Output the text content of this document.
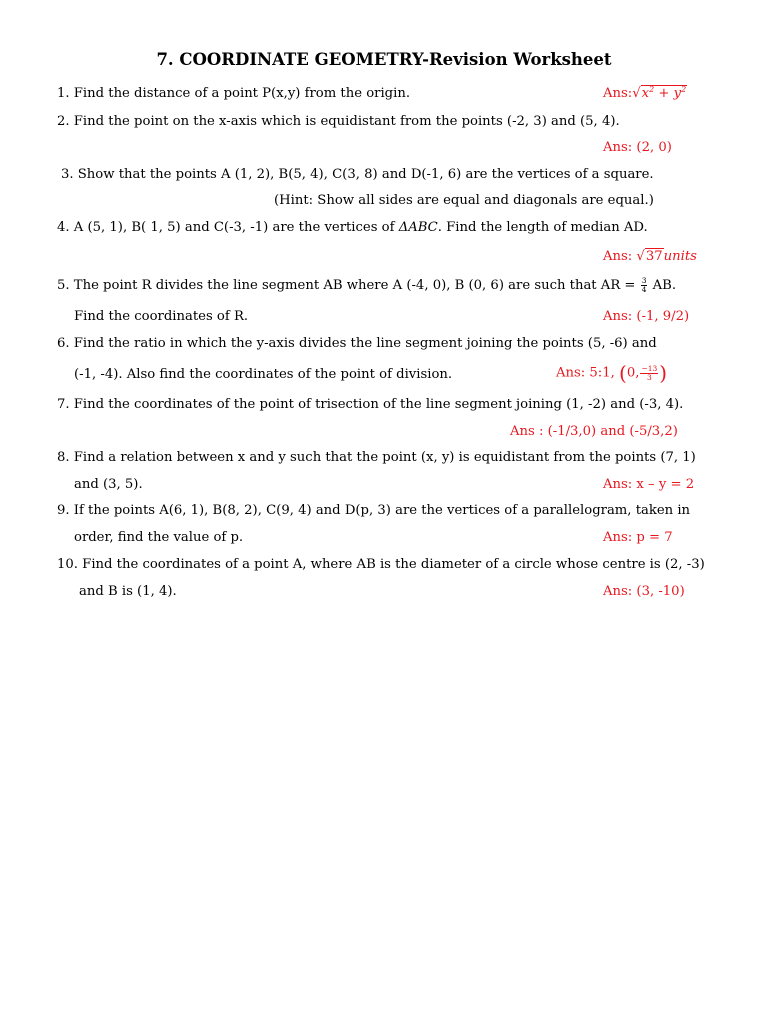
7. COORDINATE GEOMETRY-Revision Worksheet
1. Find the distance of a point P(x,y) from the origin.	$Ans:√x^2 + y^2$
2. Find the point on the x-axis which is equidistant from the points (-2, 3) and (5, 4).
Ans: (2, 0)
3. Show that the points A (1, 2), B(5, 4), C(3, 8) and D(-1, 6) are the vertices of a square.
(Hint: Show all sides are equal and diagonals are equal.)
4. A (5, 1), B( 1, 5) and C(-3, -1) are the vertices of ΔABC. Find the length of median AD.
Ans: √37units
5. The point R divides the line segment AB where A (-4, 0), B (0, 6) are such that AR = $\frac{3}{4}$ AB.
Find the coordinates of R.	Ans: (-1, 9/2)
6. Find the ratio in which the y-axis divides the line segment joining the points (5, -6) and
(-1, -4). Also find the coordinates of the point of division.	Ans: 5:1, (0, $\frac{-13}{3}$ )
7. Find the coordinates of the point of trisection of the line segment joining (1, -2) and (-3, 4).
Ans : (-1/3,0) and (-5/3,2)
8. Find a relation between x and y such that the point (x, y) is equidistant from the points (7, 1)
and (3, 5).	Ans: x – y = 2
9. If the points A(6, 1), B(8, 2), C(9, 4) and D(p, 3) are the vertices of a parallelogram, taken in
order, find the value of p.	Ans: p = 7
10. Find the coordinates of a point A, where AB is the diameter of a circle whose centre is (2, -3)
and B is (1, 4).	Ans: (3, -10)
